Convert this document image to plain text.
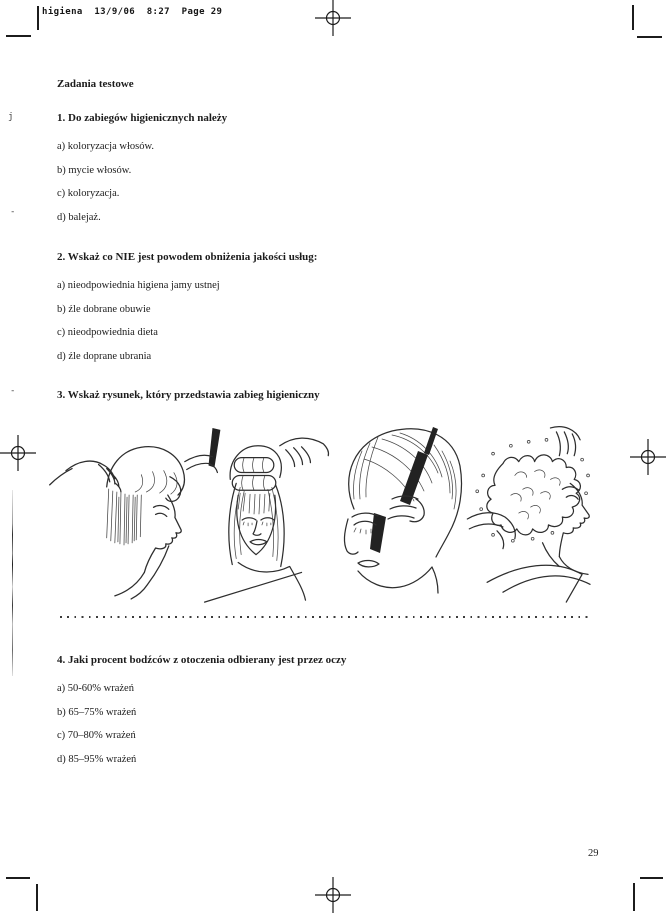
higiena  13/9/06  8:27  Page 29
j
-
-
Zadania testowe
1. Do zabiegów higienicznych należy
a) koloryzacja włosów.
b) mycie włosów.
c) koloryzacja.
d) balejaż.
2. Wskaż co NIE jest powodem obniżenia jakości usług:
a) nieodpowiednia higiena jamy ustnej
b) źle dobrane obuwie
c) nieodpowiednia dieta
d) źle doprane ubrania
3. Wskaż rysunek, który przedstawia zabieg higieniczny
4. Jaki procent bodźców z otoczenia odbierany jest przez oczy
a) 50-60% wrażeń
b) 65–75% wrażeń
c) 70–80% wrażeń
d) 85–95% wrażeń
29
